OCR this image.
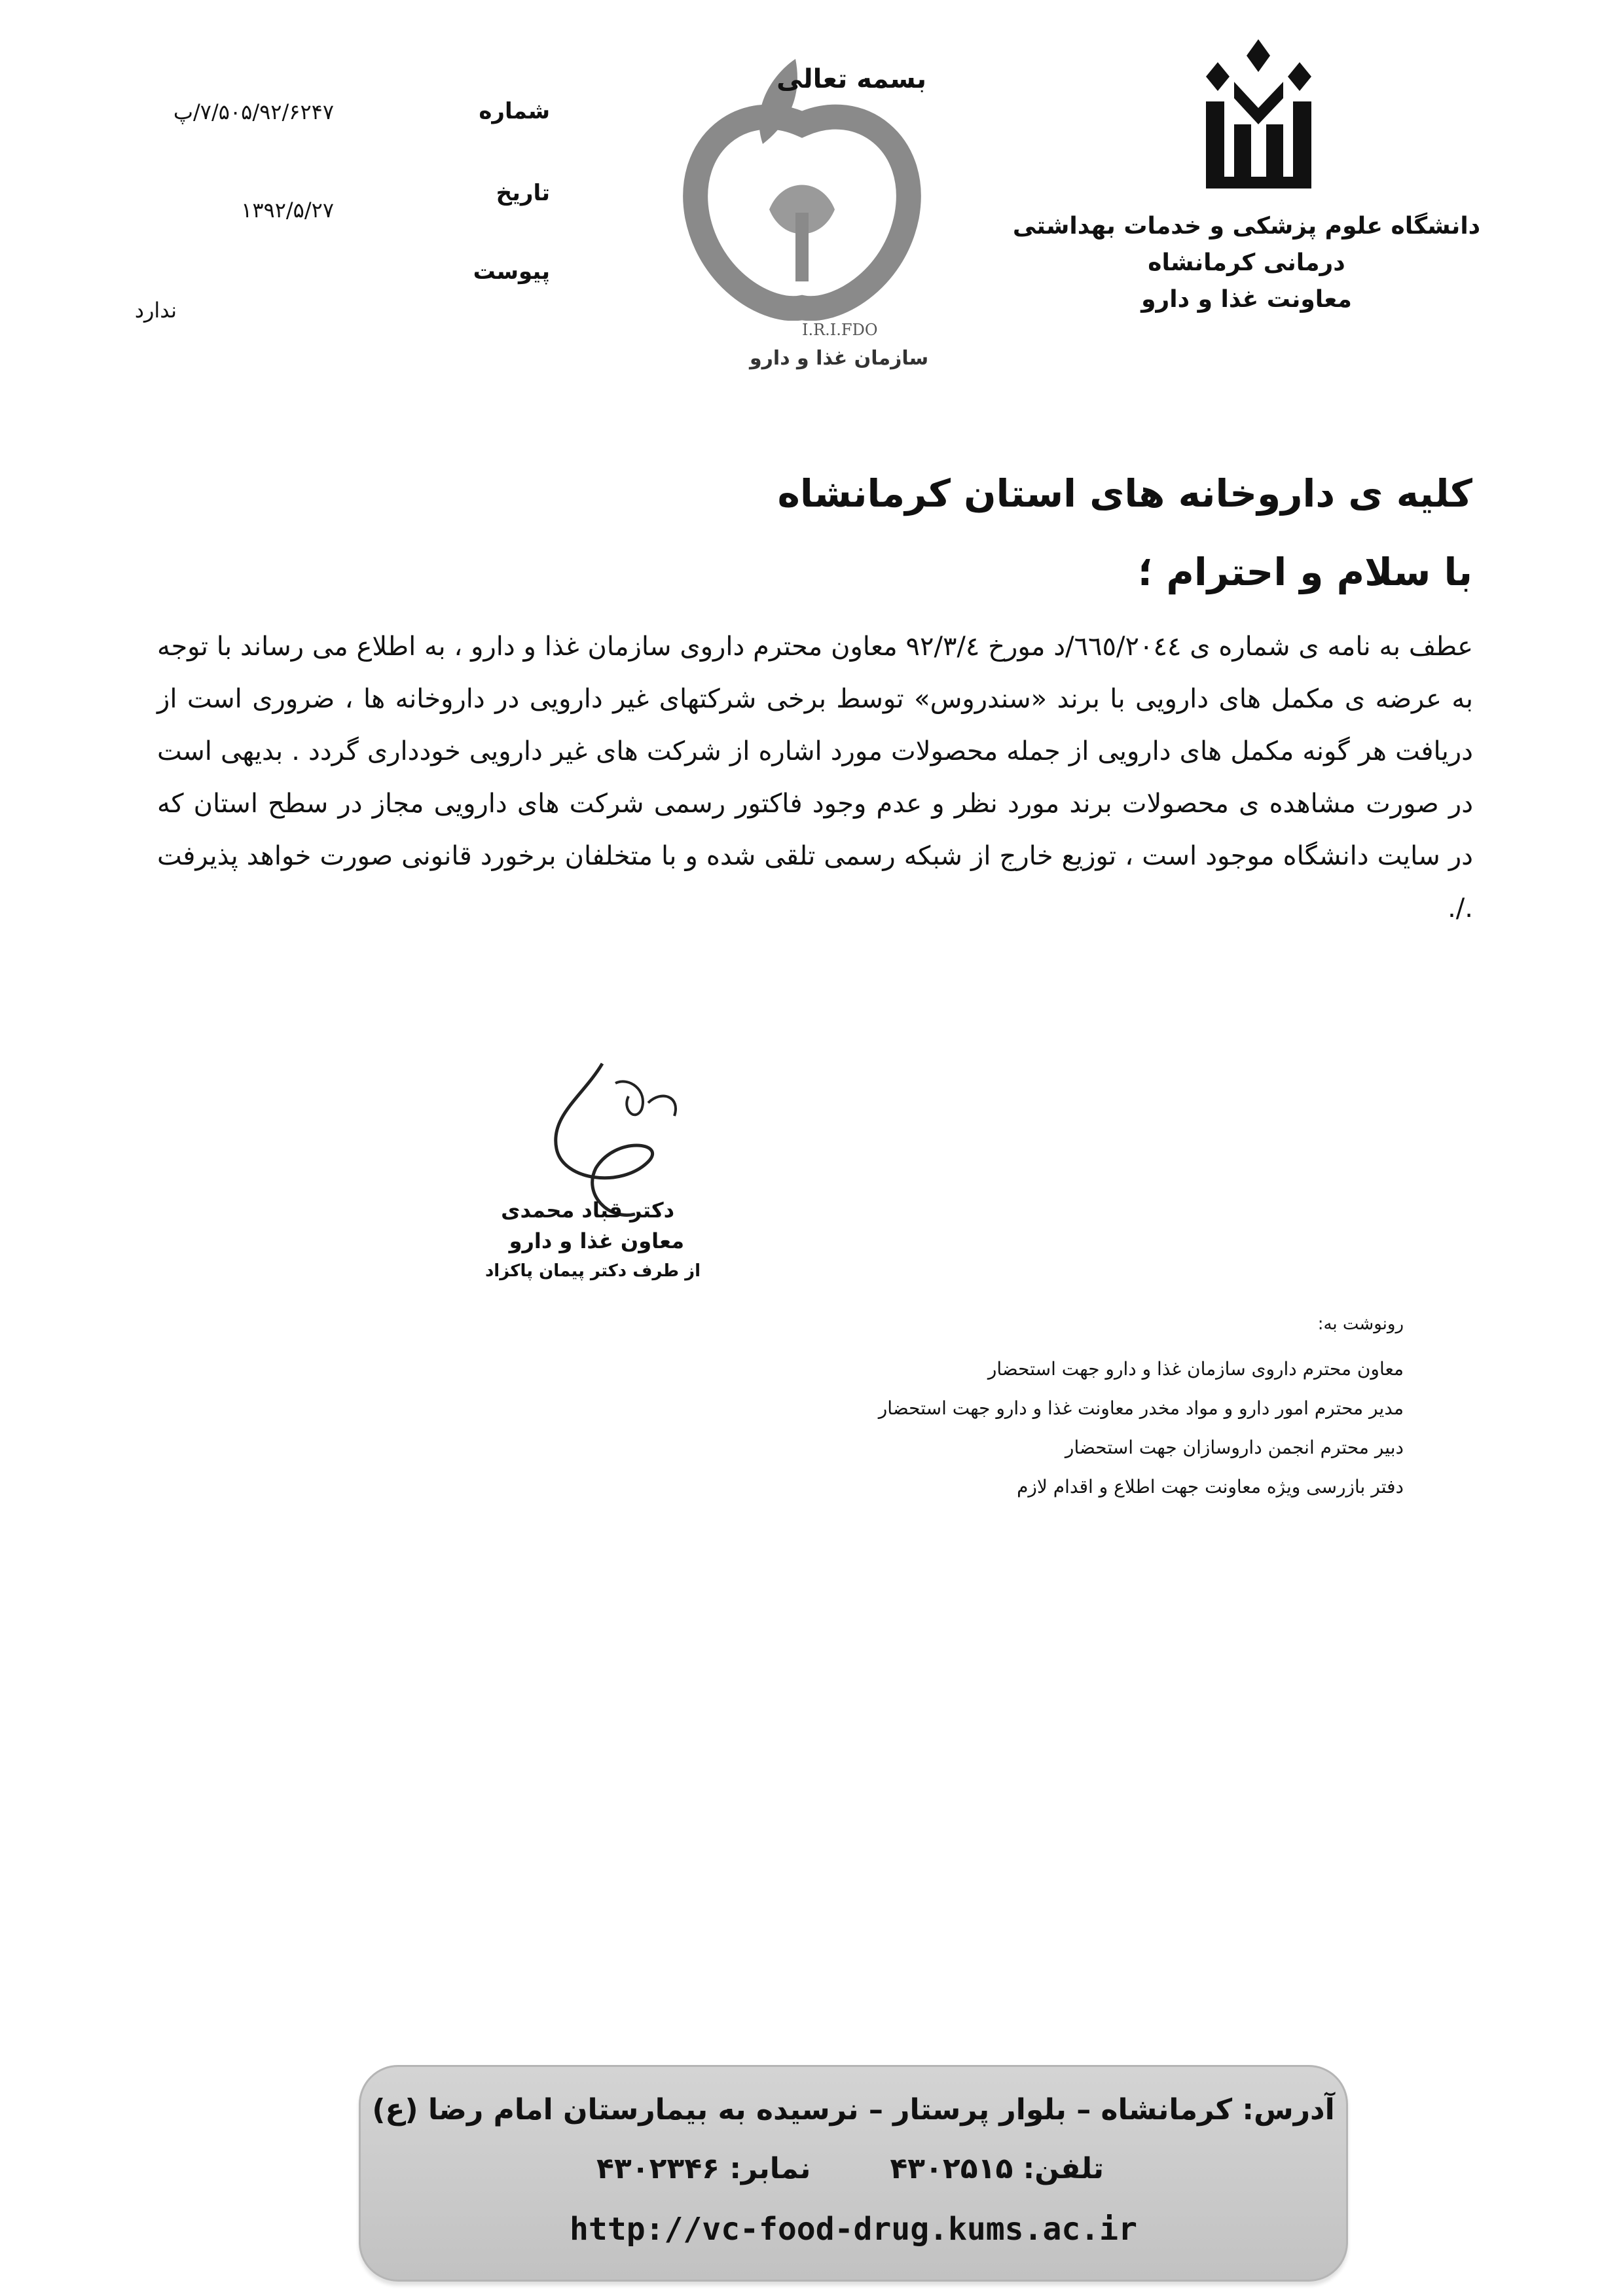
دانشگاه علوم پزشکی و خدمات بهداشتی درمانی کرمانشاه
معاونت غذا و دارو
بسمه تعالی
I.R.I.FDO
سازمان غذا و دارو
شماره
۷/۵۰۵/۹۲/۶۲۴۷/پ
تاریخ
۱۳۹۲/۵/۲۷
پیوست
ندارد
کلیه ی داروخانه های استان کرمانشاه
با سلام و احترام ؛
عطف به نامه ی شماره ی ٦٦٥/٢٠٤٤/د مورخ ٩٢/٣/٤ معاون محترم داروی سازمان غذا و دارو ، به اطلاع می رساند با توجه به عرضه ی مکمل های دارویی با برند «سندروس» توسط برخی شرکتهای غیر دارویی در داروخانه ها ، ضروری است از دریافت هر گونه مکمل های دارویی از جمله محصولات مورد اشاره از شرکت های غیر دارویی خودداری گردد . بدیهی است در صورت مشاهده ی محصولات برند مورد نظر و عدم وجود فاکتور رسمی شرکت های دارویی مجاز در سطح استان که در سایت دانشگاه موجود است ، توزیع خارج از شبکه رسمی تلقی شده و با متخلفان برخورد قانونی صورت خواهد پذیرفت ./.
دکتر قباد محمدی
معاون غذا و دارو
از طرف دکتر پیمان پاکزاد
رونوشت به:
معاون محترم داروی سازمان غذا و دارو جهت استحضار
مدیر محترم امور دارو و مواد مخدر معاونت غذا و دارو جهت استحضار
دبیر محترم انجمن داروسازان جهت استحضار
دفتر بازرسی ویژه معاونت جهت اطلاع و اقدام لازم
آدرس: کرمانشاه – بلوار پرستار – نرسیده به بیمارستان امام رضا (ع)
تلفن: ۴۳۰۲۵۱۵
نمابر: ۴۳۰۲۳۴۶
http://vc-food-drug.kums.ac.ir
